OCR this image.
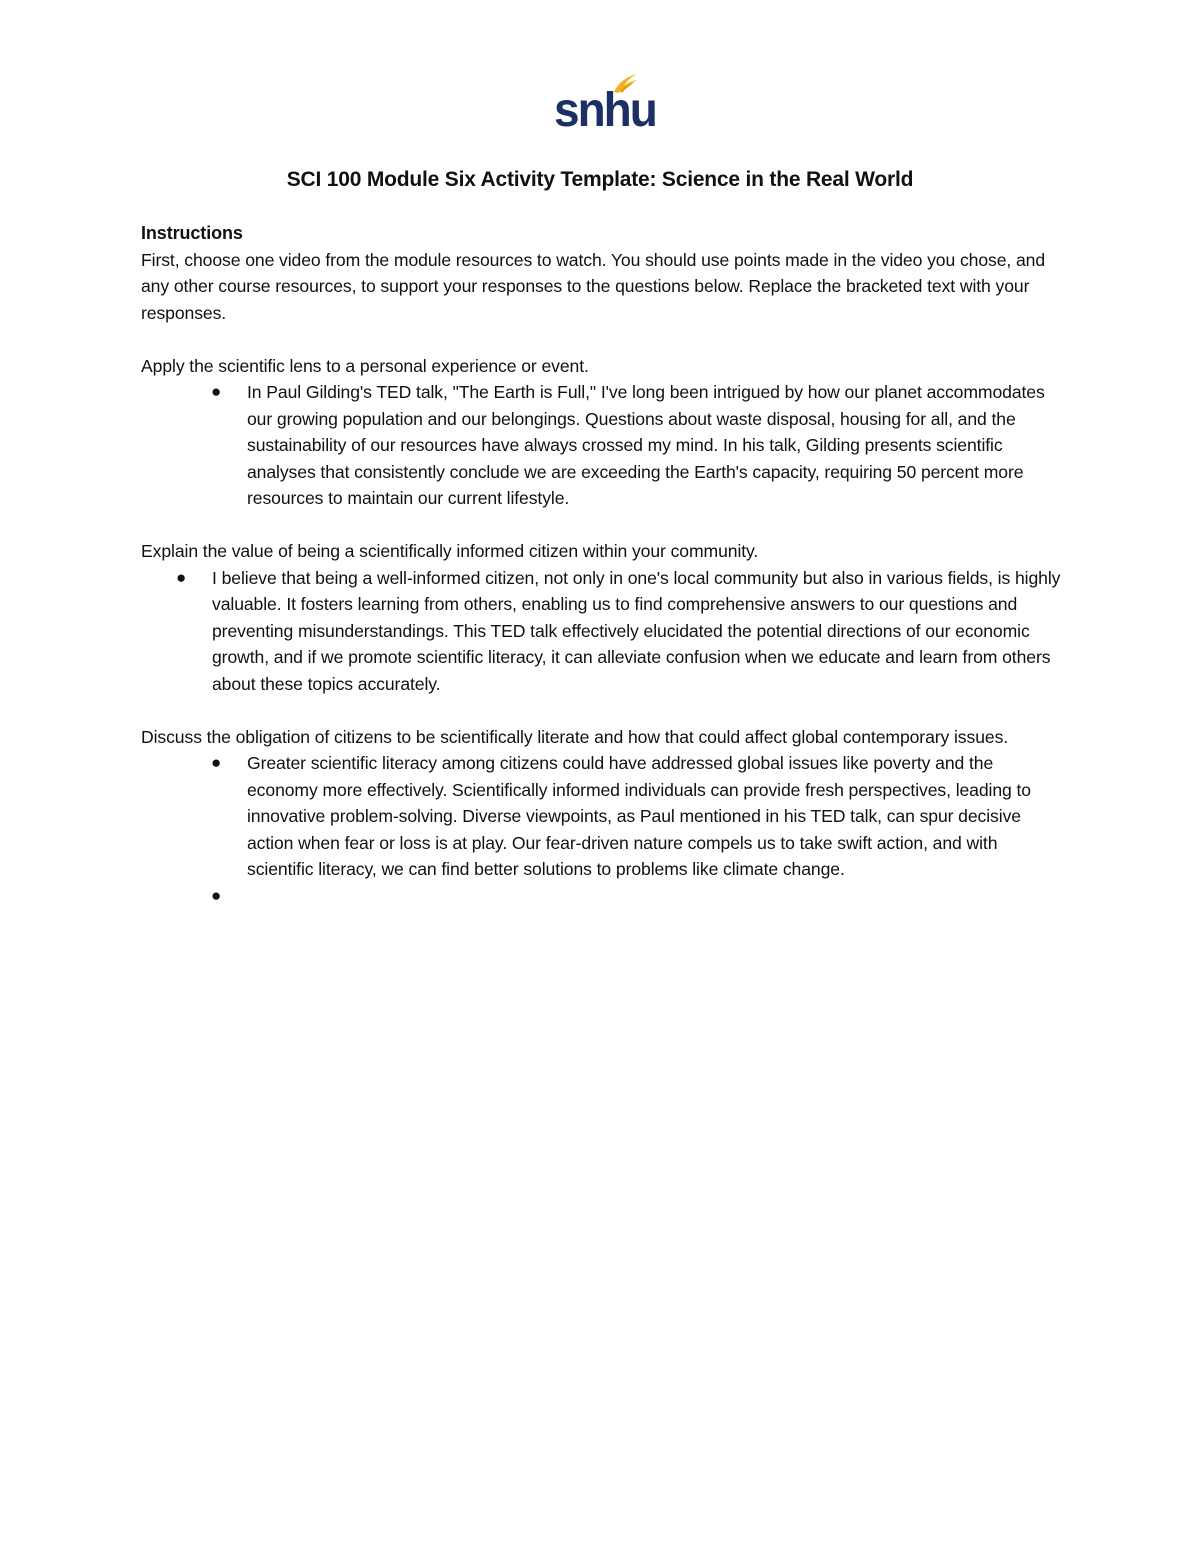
snhu
SCI 100 Module Six Activity Template: Science in the Real World

Instructions

First, choose one video from the module resources to watch. You should use points made in the video you chose, and any other course resources, to support your responses to the questions below. Replace the bracketed text with your responses.

Apply the scientific lens to a personal experience or event.

● In Paul Gilding's TED talk, "The Earth is Full," I've long been intrigued by how our planet accommodates our growing population and our belongings. Questions about waste disposal, housing for all, and the sustainability of our resources have always crossed my mind. In his talk, Gilding presents scientific analyses that consistently conclude we are exceeding the Earth's capacity, requiring 50 percent more resources to maintain our current lifestyle.

Explain the value of being a scientifically informed citizen within your community.

● I believe that being a well-informed citizen, not only in one's local community but also in various fields, is highly valuable. It fosters learning from others, enabling us to find comprehensive answers to our questions and preventing misunderstandings. This TED talk effectively elucidated the potential directions of our economic growth, and if we promote scientific literacy, it can alleviate confusion when we educate and learn from others about these topics accurately.

Discuss the obligation of citizens to be scientifically literate and how that could affect global contemporary issues.

● Greater scientific literacy among citizens could have addressed global issues like poverty and the economy more effectively. Scientifically informed individuals can provide fresh perspectives, leading to innovative problem-solving. Diverse viewpoints, as Paul mentioned in his TED talk, can spur decisive action when fear or loss is at play. Our fear-driven nature compels us to take swift action, and with scientific literacy, we can find better solutions to problems like climate change.
●
